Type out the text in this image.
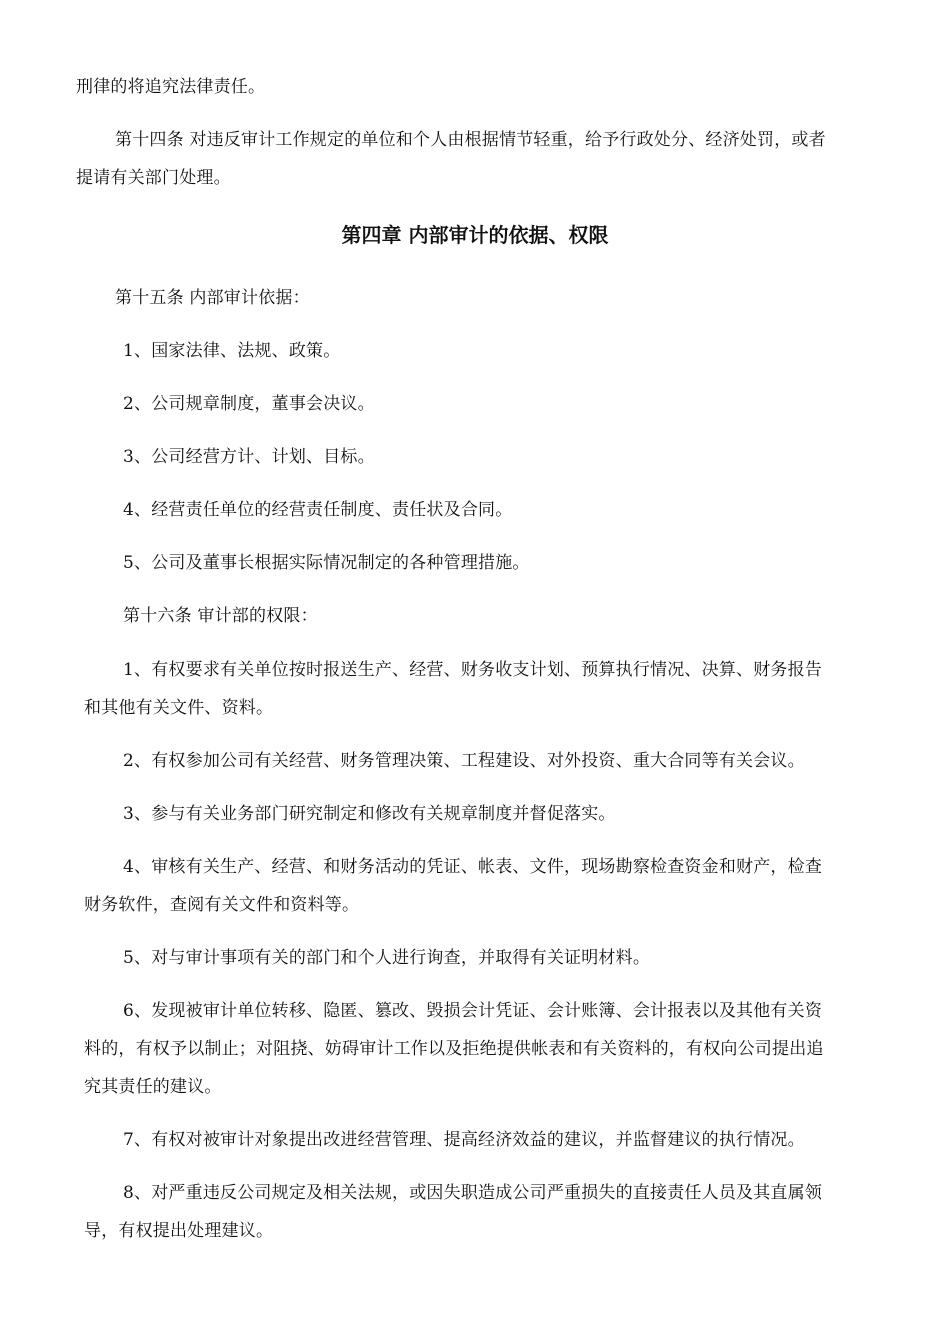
刑律的将追究法律责任。
第十四条 对违反审计工作规定的单位和个人由根据情节轻重，给予行政处分、经济处罚，或者
提请有关部门处理。
第四章 内部审计的依据、权限
第十五条 内部审计依据：
1、国家法律、法规、政策。
2、公司规章制度，董事会决议。
3、公司经营方计、计划、目标。
4、经营责任单位的经营责任制度、责任状及合同。
5、公司及董事长根据实际情况制定的各种管理措施。
第十六条 审计部的权限：
1、有权要求有关单位按时报送生产、经营、财务收支计划、预算执行情况、决算、财务报告
和其他有关文件、资料。
2、有权参加公司有关经营、财务管理决策、工程建设、对外投资、重大合同等有关会议。
3、参与有关业务部门研究制定和修改有关规章制度并督促落实。
4、审核有关生产、经营、和财务活动的凭证、帐表、文件，现场勘察检查资金和财产，检查
财务软件，查阅有关文件和资料等。
5、对与审计事项有关的部门和个人进行询查，并取得有关证明材料。
6、发现被审计单位转移、隐匿、篡改、毁损会计凭证、会计账簿、会计报表以及其他有关资
料的，有权予以制止；对阻挠、妨碍审计工作以及拒绝提供帐表和有关资料的，有权向公司提出追
究其责任的建议。
7、有权对被审计对象提出改进经营管理、提高经济效益的建议，并监督建议的执行情况。
8、对严重违反公司规定及相关法规，或因失职造成公司严重损失的直接责任人员及其直属领
导，有权提出处理建议。
